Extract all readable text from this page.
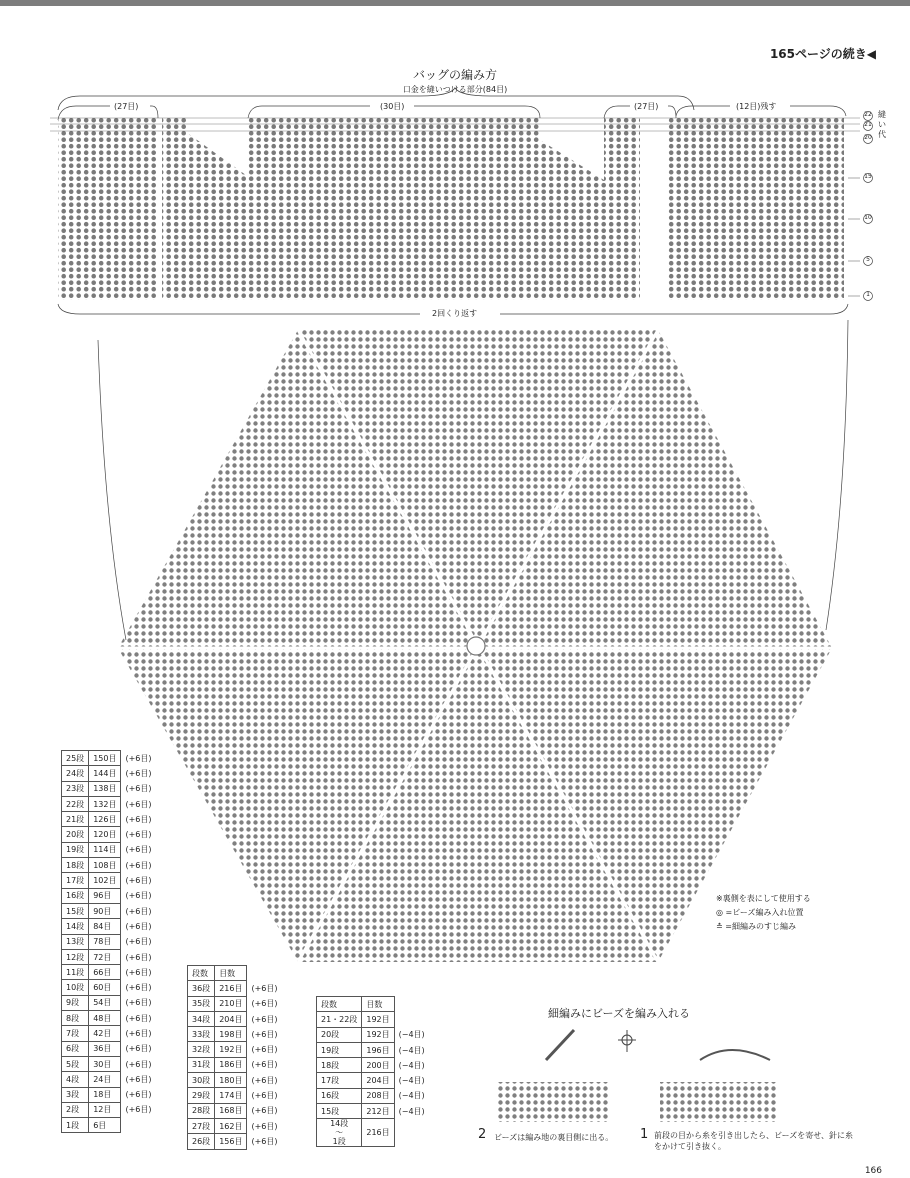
165ページの続き◀
バッグの編み方
口金を縫いつける部分(84目)
(27目)	(30目)	(27目)	(12目)残す
縫い代
22
21
20
15
10
5
1
2回くり返す
25段	150目	(+6目)
24段	144目	(+6目)
23段	138目	(+6目)
22段	132目	(+6目)
21段	126目	(+6目)
20段	120目	(+6目)
19段	114目	(+6目)
18段	108目	(+6目)
17段	102目	(+6目)
16段	96目	(+6目)
15段	90目	(+6目)
14段	84目	(+6目)
13段	78目	(+6目)
12段	72目	(+6目)
11段	66目	(+6目)
10段	60目	(+6目)
9段	54目	(+6目)
8段	48目	(+6目)
7段	42目	(+6目)
6段	36目	(+6目)
5段	30目	(+6目)
4段	24目	(+6目)
3段	18目	(+6目)
2段	12目	(+6目)
1段	6目	
段数	目数	
36段	216目	(+6目)
35段	210目	(+6目)
34段	204目	(+6目)
33段	198目	(+6目)
32段	192目	(+6目)
31段	186目	(+6目)
30段	180目	(+6目)
29段	174目	(+6目)
28段	168目	(+6目)
27段	162目	(+6目)
26段	156目	(+6目)
段数	目数	
21・22段	192目	
20段	192目	(−4目)
19段	196目	(−4目)
18段	200目	(−4目)
17段	204目	(−4目)
16段	208目	(−4目)
15段	212目	(−4目)

14段
〜
1段	216目	
※裏側を表にして使用する
◎ =ビーズ編み入れ位置
≛ =細編みのすじ編み
細編みにビーズを編み入れる
2 ビーズは編み地の裏目側に出る。 1 前段の目から糸を引き出したら、ビーズを寄せ、針に糸をかけて引き抜く。
166
